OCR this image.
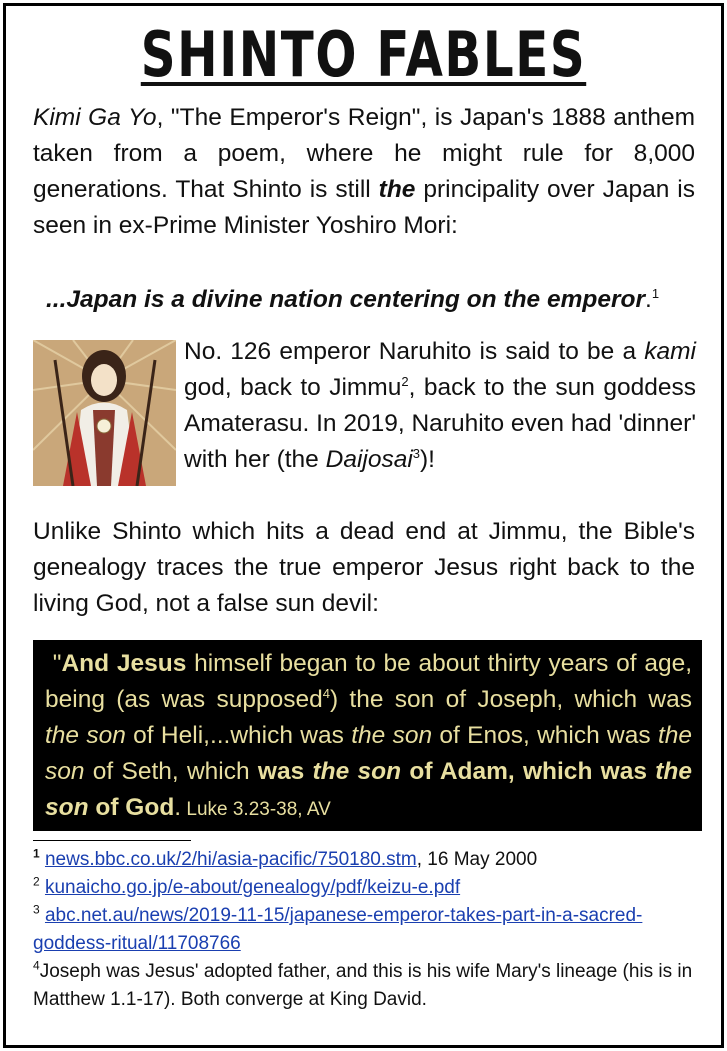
SHINTO FABLES
Kimi Ga Yo, "The Emperor's Reign", is Japan's 1888 anthem taken from a poem, where he might rule for 8,000 generations. That Shinto is still the principality over Japan is seen in ex-Prime Minister Yoshiro Mori:
...Japan is a divine nation centering on the emperor.$^1$
No. 126 emperor Naruhito is said to be a kami god, back to Jimmu$^2$, back to the sun goddess Amaterasu. In 2019, Naruhito even had 'dinner' with her (the Daijosai$^3$)!
Unlike Shinto which hits a dead end at Jimmu, the Bible's genealogy traces the true emperor Jesus right back to the living God, not a false sun devil:
"And Jesus himself began to be about thirty years of age, being (as was supposed$^4$) the son of Joseph, which was the son of Heli,...which was the son of Enos, which was the son of Seth, which was the son of Adam, which was the son of God. Luke 3.23-38, AV
$^1$ news.bbc.co.uk/2/hi/asia-pacific/750180.stm, 16 May 2000
$^2$ kunaicho.go.jp/e-about/genealogy/pdf/keizu-e.pdf
$^3$ abc.net.au/news/2019-11-15/japanese-emperor-takes-part-in-a-sacred-goddess-ritual/11708766
$^4$Joseph was Jesus' adopted father, and this is his wife Mary's lineage (his is in Matthew 1.1-17). Both converge at King David.
